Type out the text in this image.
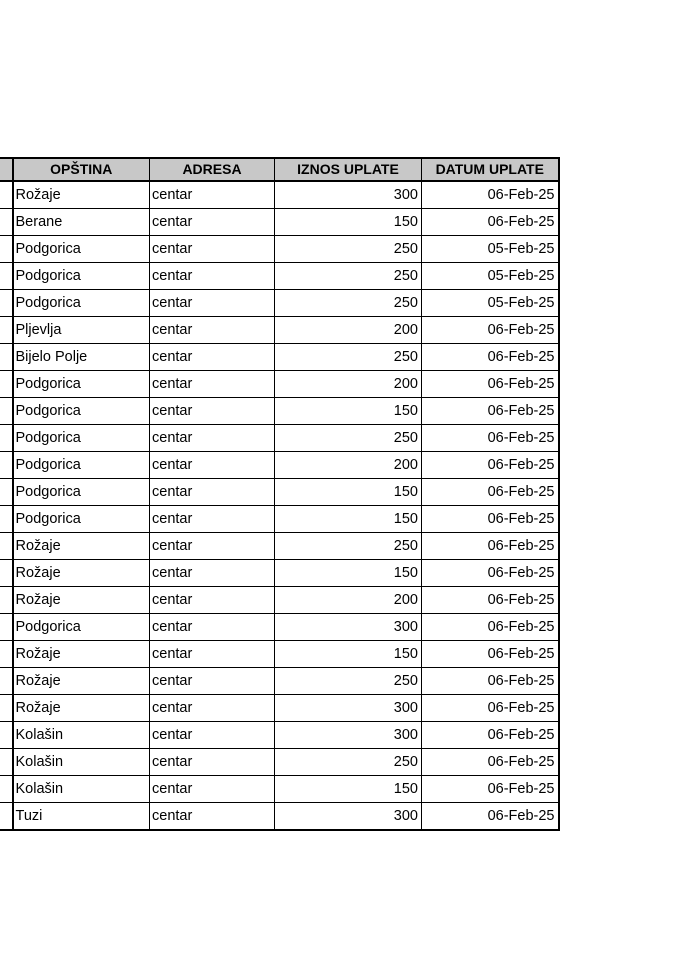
	OPŠTINA	ADRESA	IZNOS UPLATE	DATUM UPLATE
	Rožaje	centar	300	06-Feb-25
	Berane	centar	150	06-Feb-25
	Podgorica	centar	250	05-Feb-25
	Podgorica	centar	250	05-Feb-25
	Podgorica	centar	250	05-Feb-25
	Pljevlja	centar	200	06-Feb-25
	Bijelo Polje	centar	250	06-Feb-25
	Podgorica	centar	200	06-Feb-25
	Podgorica	centar	150	06-Feb-25
	Podgorica	centar	250	06-Feb-25
	Podgorica	centar	200	06-Feb-25
	Podgorica	centar	150	06-Feb-25
	Podgorica	centar	150	06-Feb-25
	Rožaje	centar	250	06-Feb-25
	Rožaje	centar	150	06-Feb-25
	Rožaje	centar	200	06-Feb-25
	Podgorica	centar	300	06-Feb-25
	Rožaje	centar	150	06-Feb-25
	Rožaje	centar	250	06-Feb-25
	Rožaje	centar	300	06-Feb-25
	Kolašin	centar	300	06-Feb-25
	Kolašin	centar	250	06-Feb-25
	Kolašin	centar	150	06-Feb-25
	Tuzi	centar	300	06-Feb-25
